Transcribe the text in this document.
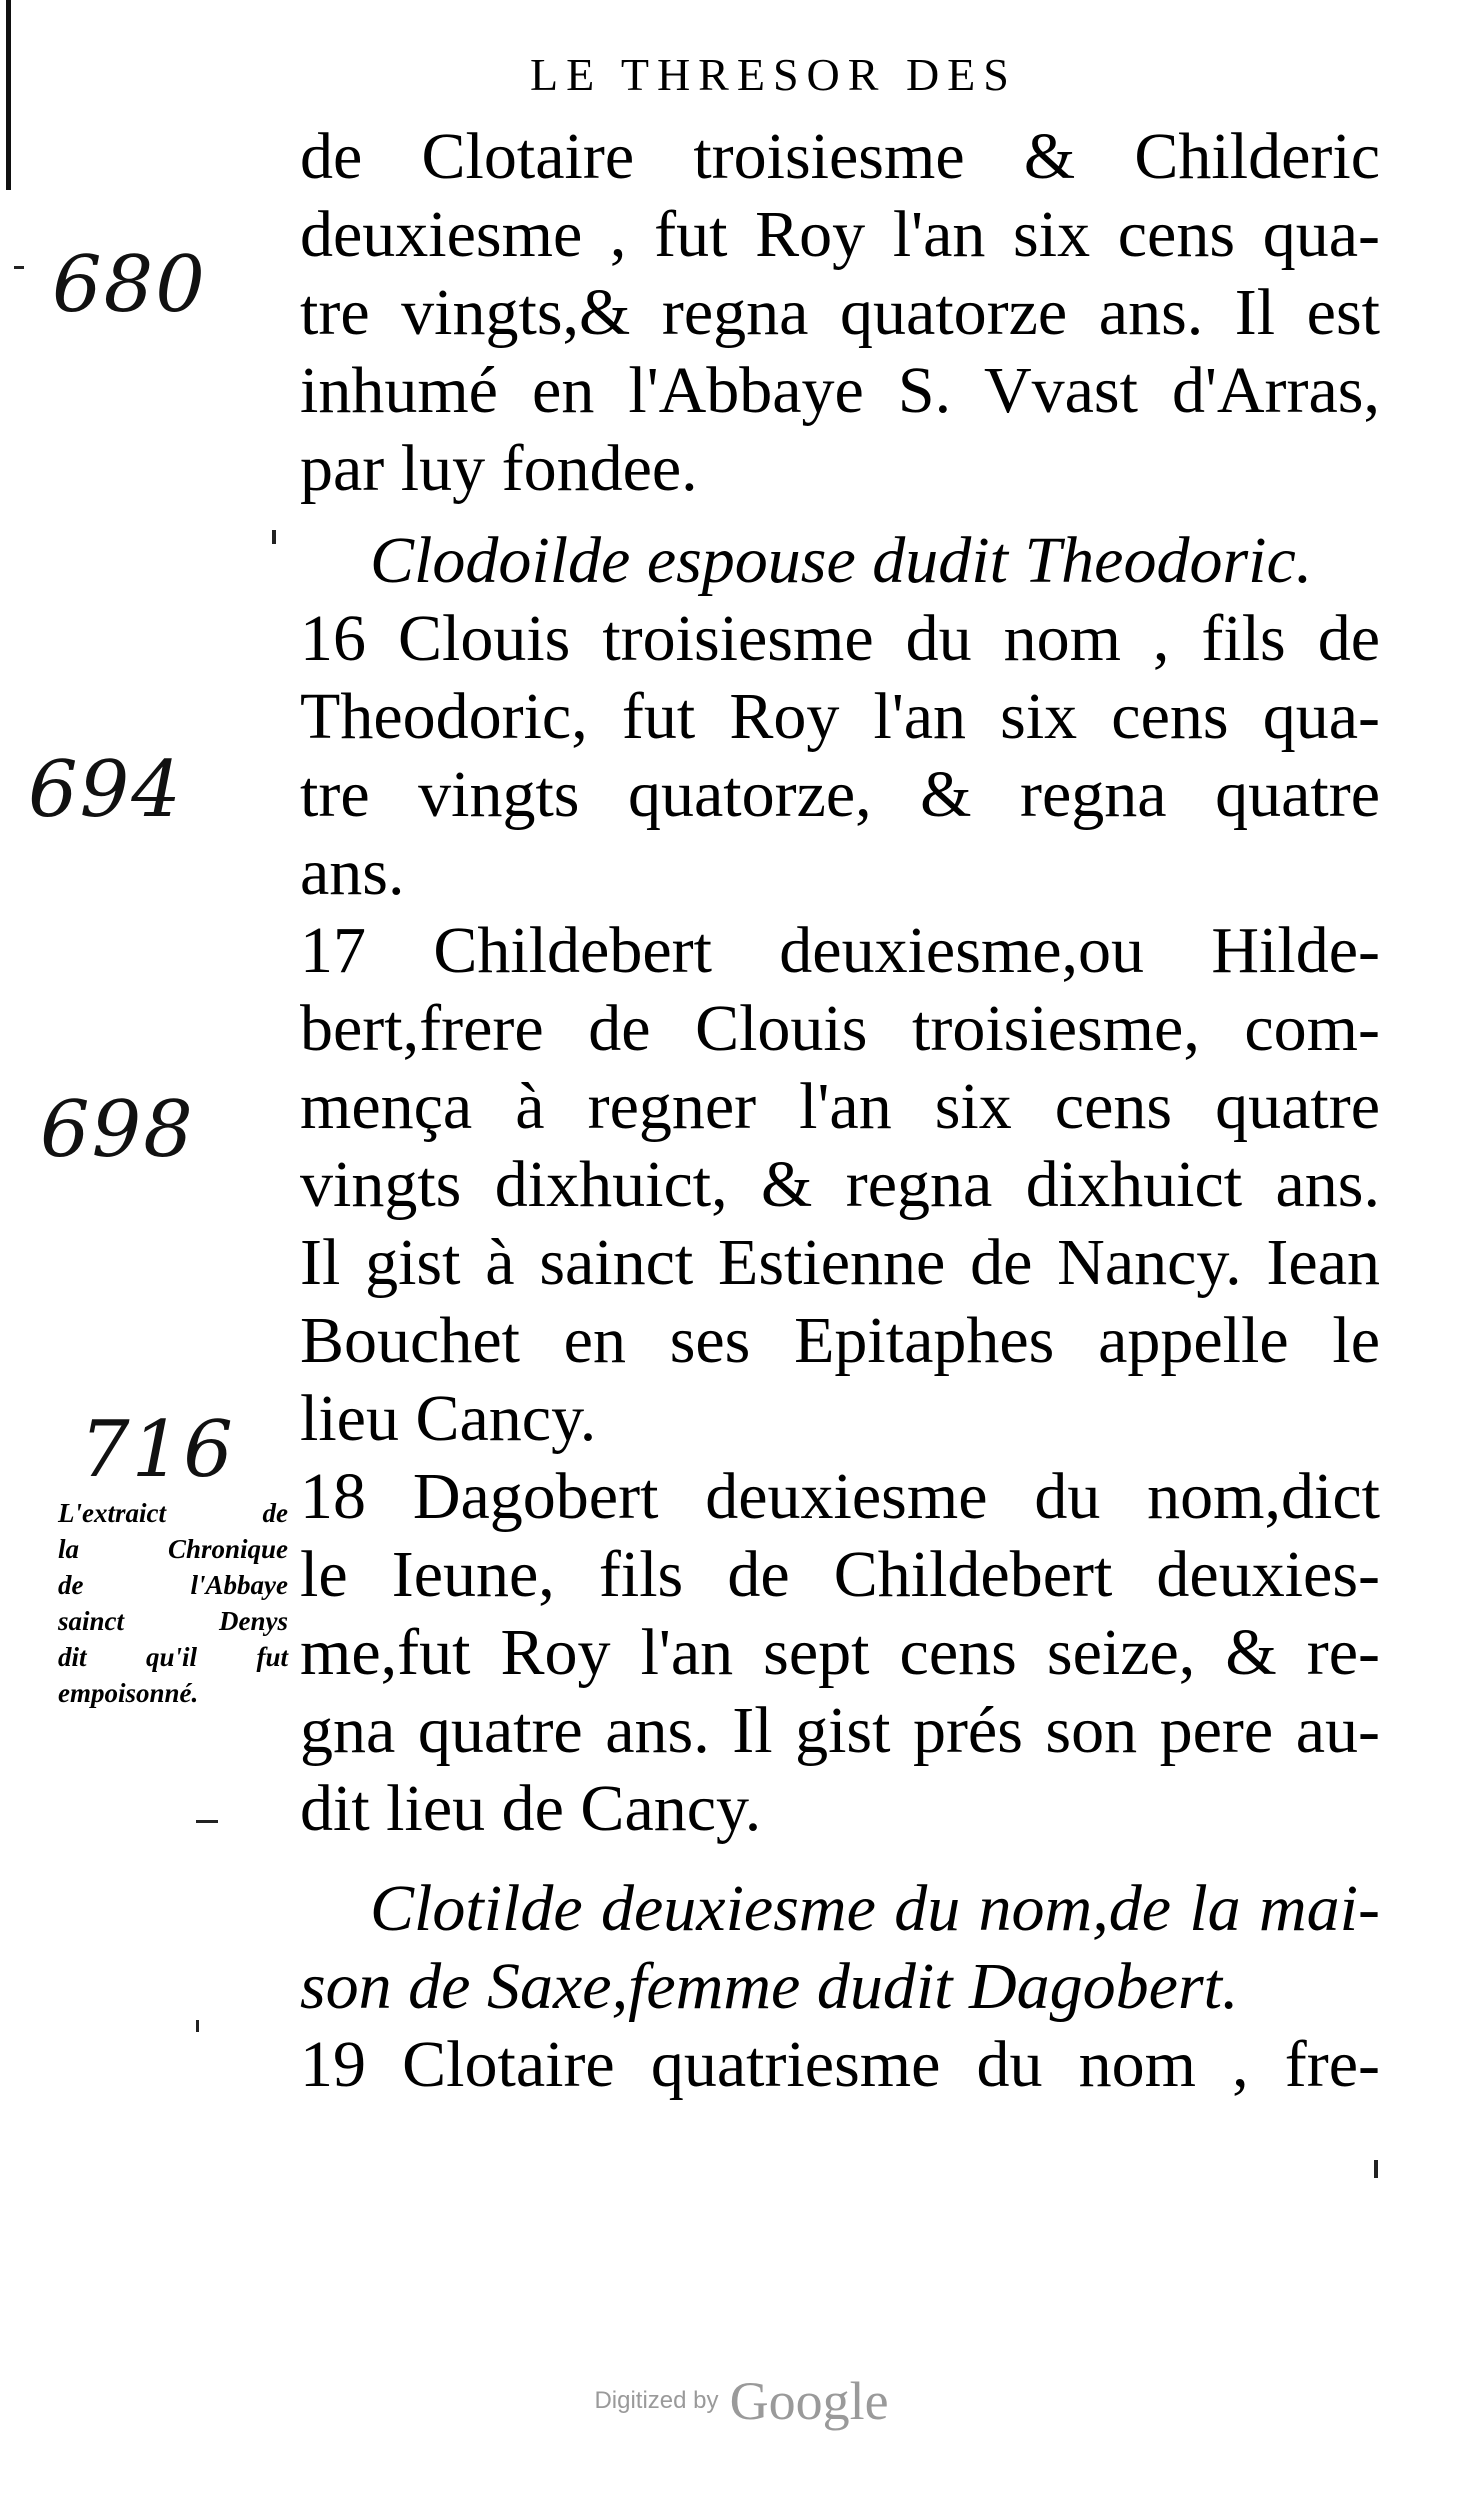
LE THRESOR DES
680
694
698
716
L'extraict de
la Chronique
de l'Abbaye
sainct Denys
dit qu'il fut
empoisonné.
de Clotaire troisiesme & Childeric
deuxiesme , fut Roy l'an six cens qua-
tre vingts,& regna quatorze ans. Il est
inhumé en l'Abbaye S. Vvast d'Arras,
par luy fondee.
Clodoilde espouse dudit Theodoric.
16 Clouis troisiesme du nom , fils de
Theodoric, fut Roy l'an six cens qua-
tre vingts quatorze, & regna quatre
ans.
17 Childebert deuxiesme,ou Hilde-
bert,frere de Clouis troisiesme, com-
mença à regner l'an six cens quatre
vingts dixhuict, & regna dixhuict ans.
Il gist à sainct Estienne de Nancy. Iean
Bouchet en ses Epitaphes appelle le
lieu Cancy.
18 Dagobert deuxiesme du nom,dict
le Ieune, fils de Childebert deuxies-
me,fut Roy l'an sept cens seize, & re-
gna quatre ans. Il gist prés son pere au-
dit lieu de Cancy.
Clotilde deuxiesme du nom,de la mai-
son de Saxe,femme dudit Dagobert.
19 Clotaire quatriesme du nom , fre-
Digitized by Google
